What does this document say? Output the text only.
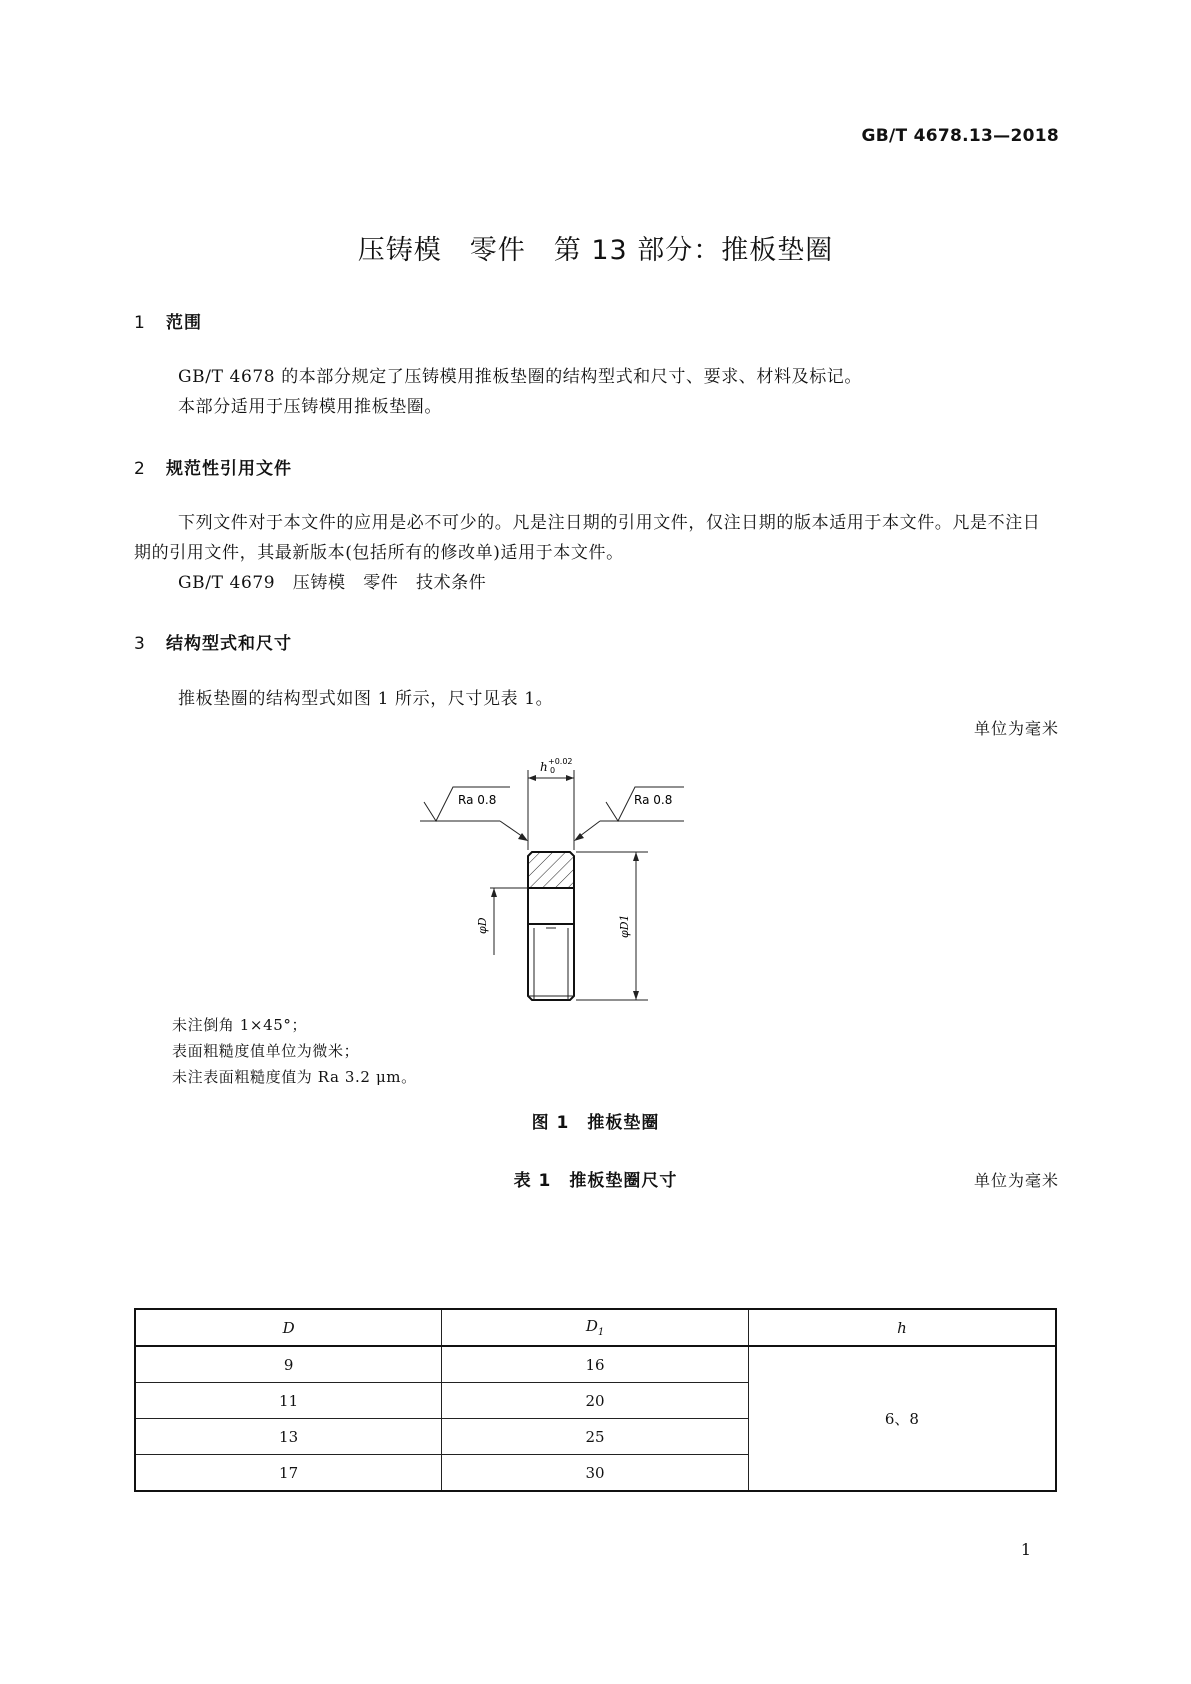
GB/T 4678.13—2018
压铸模　零件　第 13 部分：推板垫圈
1 范围
GB/T 4678 的本部分规定了压铸模用推板垫圈的结构型式和尺寸、要求、材料及标记。
本部分适用于压铸模用推板垫圈。
2 规范性引用文件
下列文件对于本文件的应用是必不可少的。凡是注日期的引用文件，仅注日期的版本适用于本文件。凡是不注日期的引用文件，其最新版本(包括所有的修改单)适用于本文件。
GB/T 4679　压铸模　零件　技术条件
3 结构型式和尺寸
推板垫圈的结构型式如图 1 所示，尺寸见表 1。
单位为毫米
h +0.02
0
Ra 0.8	Ra 0.8
φD	φD1
未注倒角 1×45°；
表面粗糙度值单位为微米；
未注表面粗糙度值为 Ra 3.2 μm。
图 1　推板垫圈
表 1　推板垫圈尺寸	单位为毫米
D	$D_1$	h
9	16	6、8
11	20	
13	25	
17	30	
1
